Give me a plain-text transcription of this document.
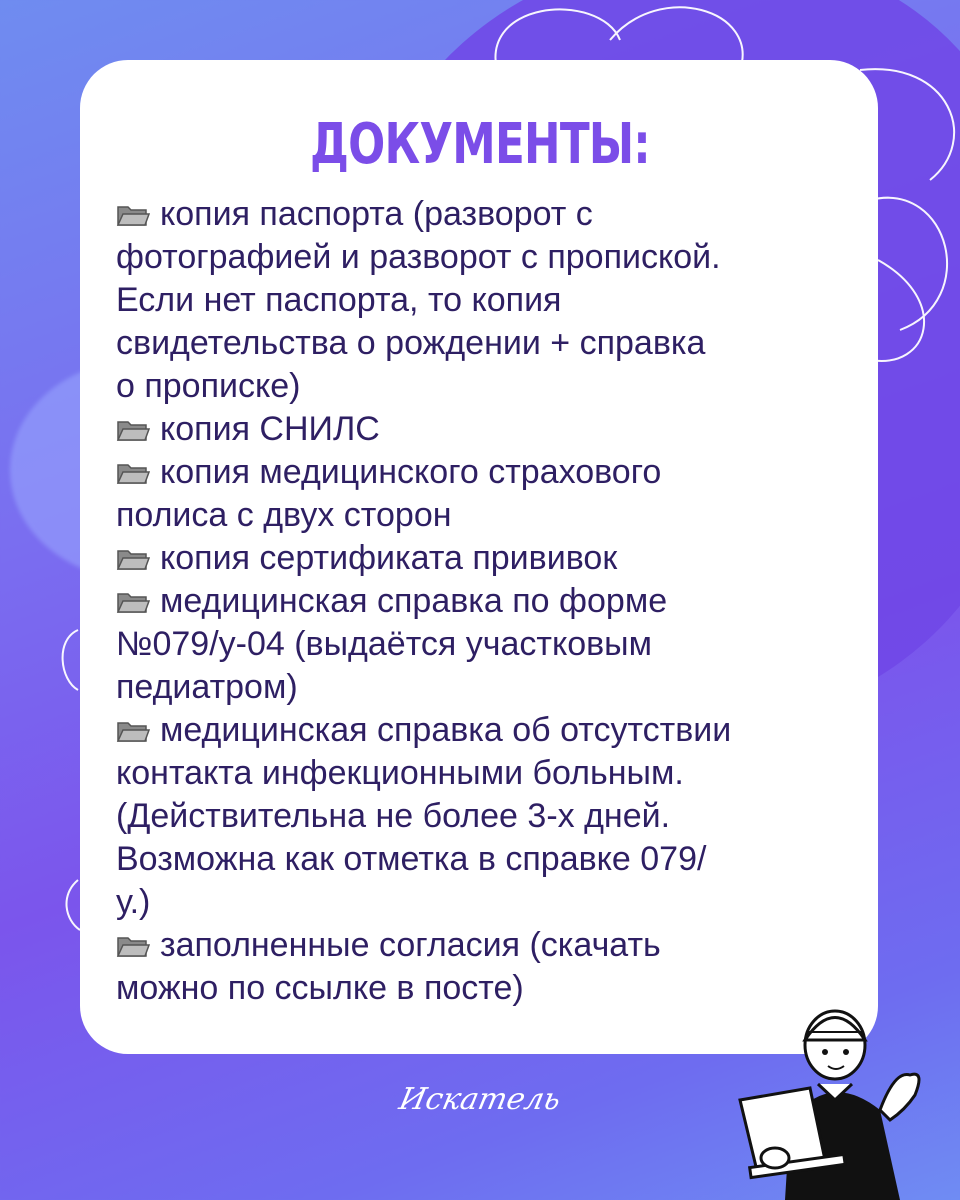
ДОКУМЕНТЫ:
копия паспорта (разворот с
фотографией и разворот с пропиской.
Если нет паспорта, то копия
свидетельства о рождении + справка
о прописке)
копия СНИЛС
копия медицинского страхового
полиса с двух сторон
копия сертификата прививок
медицинская справка по форме
№079/у-04 (выдаётся участковым
педиатром)
медицинская справка об отсутствии
контакта инфекционными больным.
(Действительна не более 3-х дней.
Возможна как отметка в справке 079/
у.)
заполненные согласия (скачать
можно по ссылке в посте)
Искатель
